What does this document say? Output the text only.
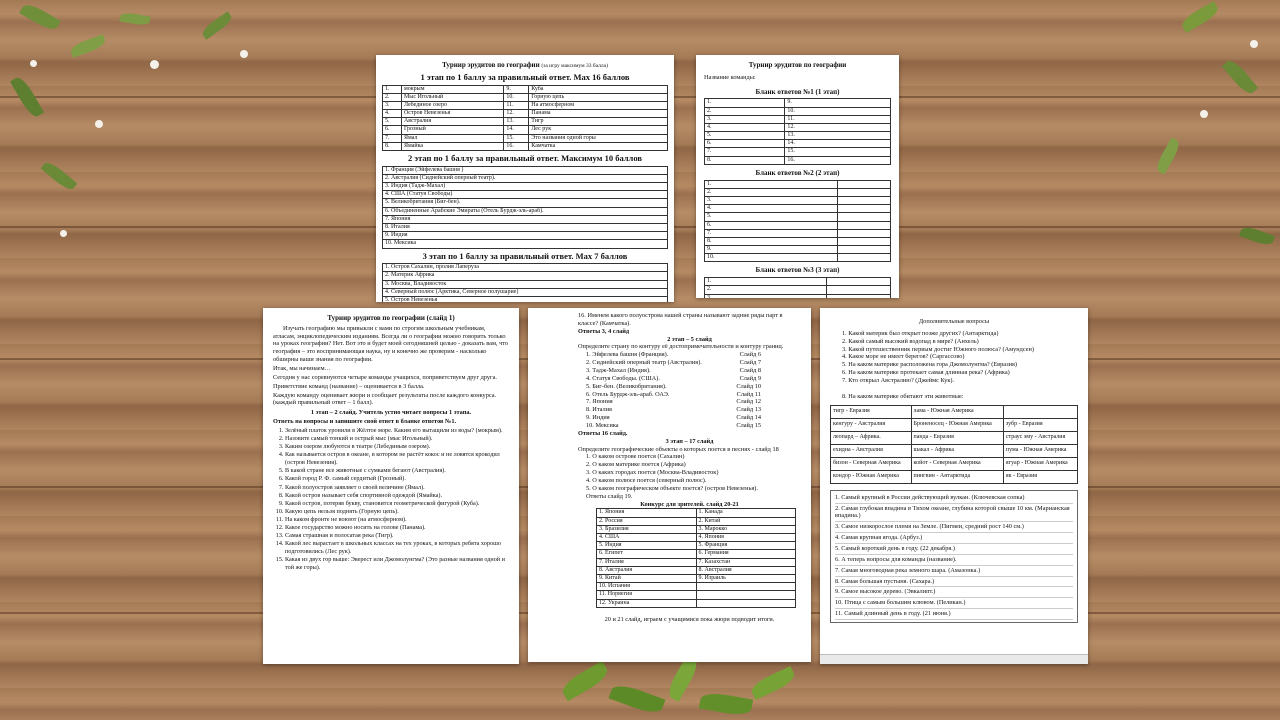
Турнир эрудитов по географии (за игру максимум 33 балла)
1 этап по 1 баллу за правильный ответ. Max 16 баллов
1.	мокрым	9.	Куба
2.	Мыс Игольный	10.	Горную цепь
3.	Лебединое озеро	11.	На атмосферном
4.	Остров Невезенья	12.	Панама
5.	Австралия	13.	Тигр
6.	Грозный	14.	Лес рук
7.	Ямал	15.	Это названия одной горы
8.	Ямайка	16.	Камчатка
2 этап по 1 баллу за правильный ответ. Максимум 10 баллов
1. Франция (Эйфелева башня )
2. Австралия (Сиднейский оперный театр).
3. Индия (Тадж-Махал)
4. США (Статуя Свободы)
5. Великобритания (Биг-бен).
6. Объединенные Арабские Эмираты (Отель Бурдж-эль-араб).
7. Япония
8. Италия
9. Индия
10. Мексика
3 этап по 1 баллу за правильный ответ. Max 7 баллов
1. Остров Сахалин, пролив Лаперуза
2. Материк Африка
3. Москва, Владивосток
4. Северный полюс (Арктика, Северное полушарие)
5. Остров Невезенья
Турнир эрудитов по географии
Название команды:
Бланк ответов №1 (1 этап)
1.	9.
2.	10.
3.	11.
4.	12.
5.	13.
6.	14.
7.	15.
8.	16.
Бланк ответов №2 (2 этап)
1.	
2.	
3.	
4.	
5.	
6.	
7.	
8.	
9.	
10.	
Бланк ответов №3 (3 этап)
1.	
2.	
3.	

Турнир эрудитов по географии (слайд 1)

Изучать географию мы привыкли с вами по строгим школьным учебникам, атласам, энциклопедическим изданиям. Всегда ли о географии можно говорить только на уроках географии? Нет. Вот это и будет моей сегодняшней целью - доказать вам, что география – это воспринимающая наука, ну и конечно же проверим - насколько обширны ваши знания по географии.

Итак, мы начинаем…

Сегодня у нас соревнуются четыре команды учащихся, поприветствуем друг друга.

Приветствие команд (название) – оценивается в 3 балла.

Каждую команду оценивает жюри и сообщает результаты после каждого конкурса. (каждый правильный ответ – 1 балл).

1 этап – 2 слайд. Учитель устно читает вопросы 1 этапа.
Ответь на вопросы и запишите свой ответ в бланке ответов №1.
1. Зелёный платок уронили в Жёлтое море. Каким его вытащили из воды? (мокрым).
2. Назовите самый тонкий и острый мыс (мыс Игольный).
3. Каким озером любуются в театре (Лебединым озером).
4. Как называется остров в океане, в котором не растёт кокос и не ловятся крокодил (остров Невезения).
5. В какой стране все животные с сумками бегают (Австралия).
6. Какой город Р. Ф. самый сердитый (Грозный).
7. Какой полуостров заявляет о своей величине (Ямал).
8. Какой остров называет себя спортивной одеждой (Ямайка).
9. Какой остров, потеряв букву, становится геометрической фигурой (Куба).
10. Какую цепь нельзя поднять (Горную цепь).
11. На каком фронте не воюют (на атмосферном).
12. Какое государство можно носить на голове (Панама).
13. Самая страшная и полосатая река (Тигр).
14. Какой лес вырастает в школьных классах на тех уроках, в которых ребята хорошо подготовились (Лес рук).
15. Какая из двух гор выше: Эверест или Джомолунгма? (Это разные названия одной и той же горы).
16. Именем какого полуострова нашей страны называют задние ряды парт в классе? (Камчатка).
Ответы 3, 4 слайд
2 этап – 5 слайд
Определите страну по контуру её достопримечательности и контуру границ.
1. Эйфелева башня (Франция).	Слайд 6
2. Сиднейский оперный театр (Австралия).	Слайд 7
3. Тадж-Махал (Индия).	Слайд 8
4. Статуя Свободы. (США).	Слайд 9
5. Биг-бен. (Великобритания).	Слайд 10
6. Отель Бурдж-эль-араб. ОАЭ.	Слайд 11
7. Япония	Слайд 12
8. Италия	Слайд 13
9. Индия	Слайд 14
10. Мексика	Слайд 15
Ответы 16 слайд.
3 этап – 17 слайд
Определите географические объекты о которых поется в песнях - слайд 18
1. О каком острове поется (Сахалин)
2. О каком материке поется (Африка)
3. О каких городах поется (Москва-Владивосток)
4. О каком полюсе поется (северный полюс).
5. О каком географическом объекте поется? (остров Невезенья).
Ответы слайд 19.
Конкурс для зрителей. слайд 20-21
1. Япония	1. Канада
2. Россия	2. Китай
3. Бразилия	3. Марокко
4. США	4. Япония
5. Индия	5. Франция
6. Египет	6. Германия
7. Италия	7. Казахстан
8. Австралия	8. Австралия
9. Китай	9. Израиль
10. Испания	
11. Норвегия	
12. Украина	
20 и 21 слайд, играем с учащимися пока жюри подводит итоги.
Дополнительные вопросы
1. Какой материк был открыт позже других? (Антарктида)
2. Какой самый высокий водопад в мире? (Анхель)
3. Какой путешественник первым достиг Южного полюса? (Амундсен)
4. Какое море не имеет берегов? (Саргассово)
5. На каком материке расположена гора Джомолунгма? (Евразия)
6. На каком материке протекает самая длинная река? (Африка)
7. Кто открыл Австралию? (Джеймс Кук).
8. На каком материке обитают эти животные:
тигр - Евразия	лама - Южная Америка	
кенгуру - Австралия	Броненосец - Южная Америка	зубр - Евразия
леопард – Африка.	панда - Евразия	страус эму - Австралия
ехидна - Австралия	шакал - Африка	пума - Южная Америка
бизон - Северная Америка	койот - Северная Америка	ягуар - Южная Америка
кондор - Южная Америка	пингвин - Антарктида	як - Евразия
1. Самый крупный в России действующий вулкан. (Ключевская сопка)
2. Самая глубокая впадина в Тихом океане, глубина которой свыше 10 км. (Марианская впадина.)
3. Самое низкорослое племя на Земле. (Пигмеи, средний рост 140 см.)
4. Самая крупная ягода. (Арбуз.)
5. Самый короткий день в году. (22 декабря.)
6. А теперь вопросы для команды (название).
7. Самая многоводная река земного шара. (Амазонка.)
8. Самая большая пустыня. (Сахара.)
9. Самое высокое дерево. (Эвкалипт.)
10. Птица с самым большим клювом. (Пеликан.)
11. Самый длинный день в году. (21 июня.)
